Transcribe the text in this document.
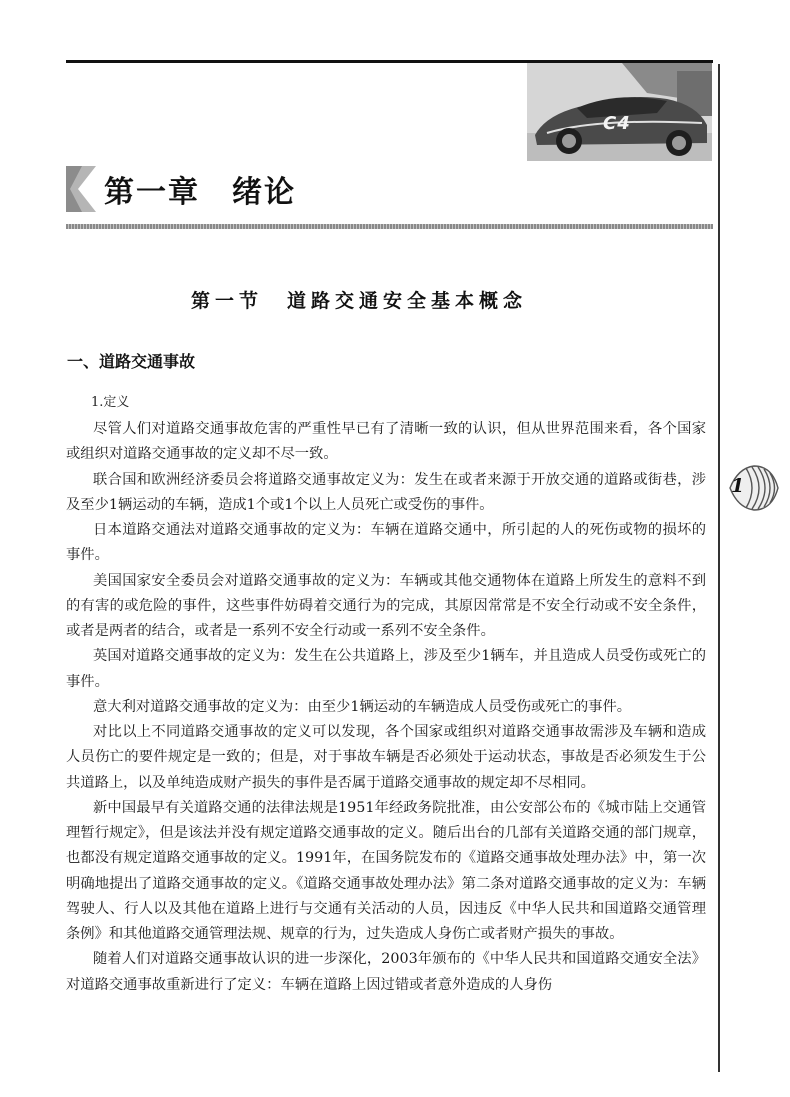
C4
第一章　绪论
第一节　道路交通安全基本概念
一、道路交通事故
1.定义

尽管人们对道路交通事故危害的严重性早已有了清晰一致的认识，但从世界范围来看，各个国家或组织对道路交通事故的定义却不尽一致。

联合国和欧洲经济委员会将道路交通事故定义为：发生在或者来源于开放交通的道路或街巷，涉及至少1辆运动的车辆，造成1个或1个以上人员死亡或受伤的事件。

日本道路交通法对道路交通事故的定义为：车辆在道路交通中，所引起的人的死伤或物的损坏的事件。

美国国家安全委员会对道路交通事故的定义为：车辆或其他交通物体在道路上所发生的意料不到的有害的或危险的事件，这些事件妨碍着交通行为的完成，其原因常常是不安全行动或不安全条件，或者是两者的结合，或者是一系列不安全行动或一系列不安全条件。

英国对道路交通事故的定义为：发生在公共道路上，涉及至少1辆车，并且造成人员受伤或死亡的事件。

意大利对道路交通事故的定义为：由至少1辆运动的车辆造成人员受伤或死亡的事件。

对比以上不同道路交通事故的定义可以发现，各个国家或组织对道路交通事故需涉及车辆和造成人员伤亡的要件规定是一致的；但是，对于事故车辆是否必须处于运动状态，事故是否必须发生于公共道路上，以及单纯造成财产损失的事件是否属于道路交通事故的规定却不尽相同。

新中国最早有关道路交通的法律法规是1951年经政务院批准，由公安部公布的《城市陆上交通管理暂行规定》，但是该法并没有规定道路交通事故的定义。随后出台的几部有关道路交通的部门规章，也都没有规定道路交通事故的定义。1991年，在国务院发布的《道路交通事故处理办法》中，第一次明确地提出了道路交通事故的定义。《道路交通事故处理办法》第二条对道路交通事故的定义为：车辆驾驶人、行人以及其他在道路上进行与交通有关活动的人员，因违反《中华人民共和国道路交通管理条例》和其他道路交通管理法规、规章的行为，过失造成人身伤亡或者财产损失的事故。

随着人们对道路交通事故认识的进一步深化，2003年颁布的《中华人民共和国道路交通安全法》对道路交通事故重新进行了定义：车辆在道路上因过错或者意外造成的人身伤

1
